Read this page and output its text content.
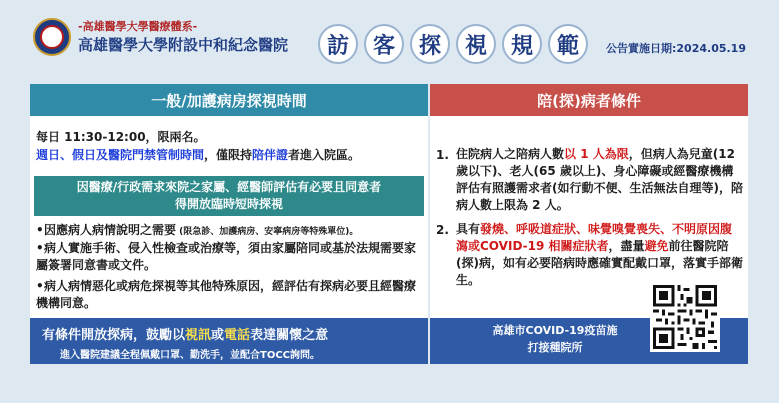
-高雄醫學大學醫療體系-
高雄醫學大學附設中和紀念醫院	訪	客	探	視	規	範	公告實施日期:2024.05.19
一般/加護病房探視時間
每日 11:30-12:00，限兩名。
週日、假日及醫院門禁管制時間，僅限持陪伴證者進入院區。
因醫療/行政需求來院之家屬、經醫師評估有必要且同意者
得開放臨時短時探視
•因應病人病情說明之需要 (限急診、加護病房、安寧病房等特殊單位)。
•病人實施手術、侵入性檢查或治療等，須由家屬陪同或基於法規需要家屬簽署同意書或文件。
•病人病情惡化或病危探視等其他特殊原因，經評估有探病必要且經醫療機構同意。
有條件開放探病，鼓勵以視訊或電話表達關懷之意
進入醫院建議全程佩戴口罩、勤洗手，並配合TOCC詢問。
陪(探)病者條件
1. 住院病人之陪病人數以 1 人為限，但病人為兒童(12 歲以下)、老人(65 歲以上)、身心障礙或經醫療機構評估有照護需求者(如行動不便、生活無法自理等)，陪病人數上限為 2 人。
2. 具有發燒、呼吸道症狀、味覺嗅覺喪失、不明原因腹瀉或COVID-19 相關症狀者，盡量避免前往醫院陪(探)病，如有必要陪病時應確實配戴口罩，落實手部衛生。
高雄市COVID-19疫苗施打接種院所
